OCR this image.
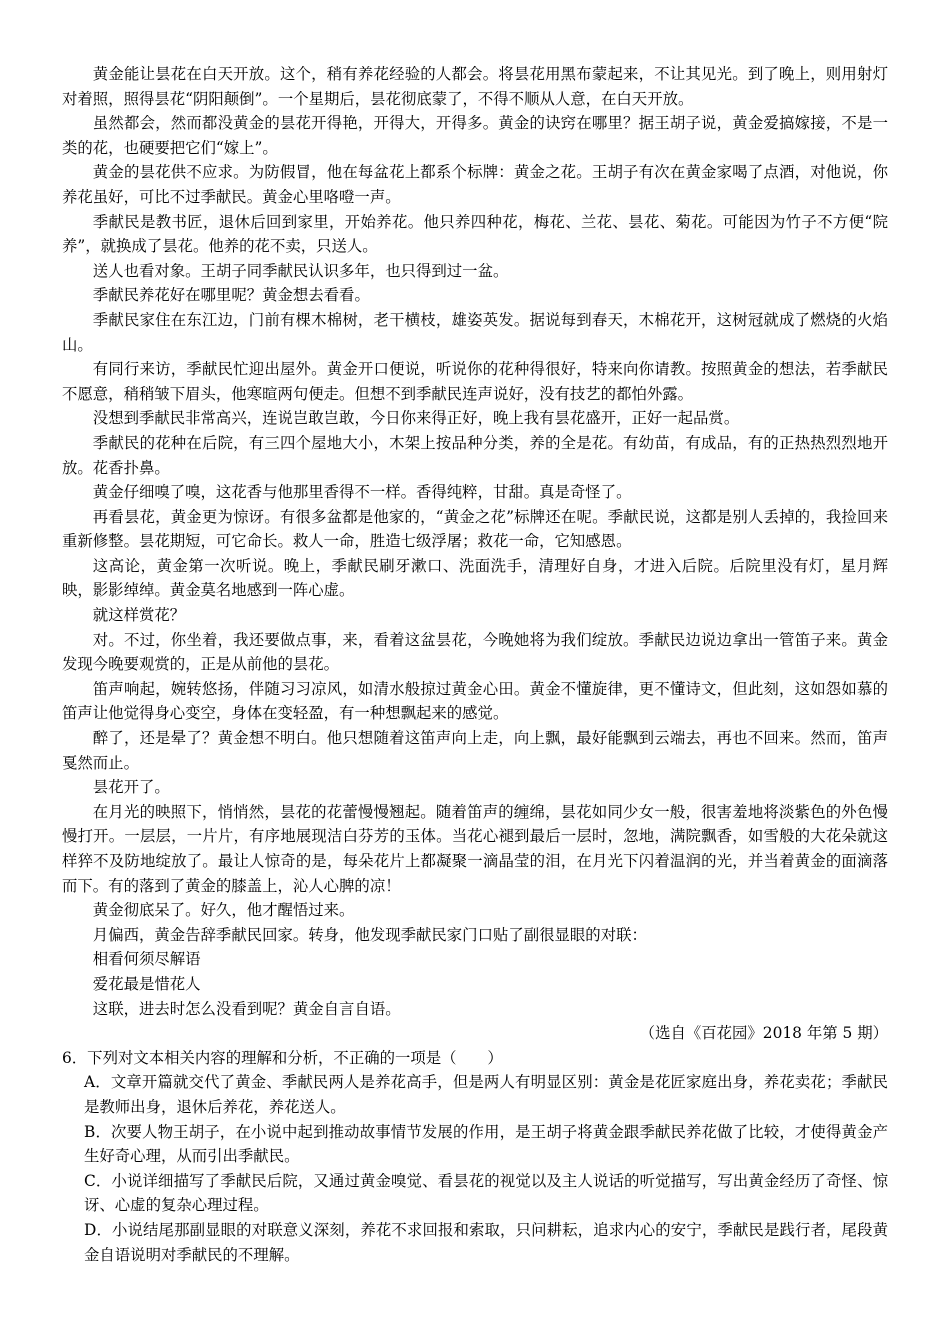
黄金能让昙花在白天开放。这个，稍有养花经验的人都会。将昙花用黑布蒙起来，不让其见光。到了晚上，则用射灯对着照，照得昙花“阴阳颠倒”。一个星期后，昙花彻底蒙了，不得不顺从人意，在白天开放。

虽然都会，然而都没黄金的昙花开得艳，开得大，开得多。黄金的诀窍在哪里？据王胡子说，黄金爱搞嫁接，不是一类的花，也硬要把它们“嫁上”。

黄金的昙花供不应求。为防假冒，他在每盆花上都系个标牌：黄金之花。王胡子有次在黄金家喝了点酒，对他说，你养花虽好，可比不过季献民。黄金心里咯噔一声。

季献民是教书匠，退休后回到家里，开始养花。他只养四种花，梅花、兰花、昙花、菊花。可能因为竹子不方便“院养”，就换成了昙花。他养的花不卖，只送人。

送人也看对象。王胡子同季献民认识多年，也只得到过一盆。

季献民养花好在哪里呢？黄金想去看看。

季献民家住在东江边，门前有棵木棉树，老干横枝，雄姿英发。据说每到春天，木棉花开，这树冠就成了燃烧的火焰山。

有同行来访，季献民忙迎出屋外。黄金开口便说，听说你的花种得很好，特来向你请教。按照黄金的想法，若季献民不愿意，稍稍皱下眉头，他寒暄两句便走。但想不到季献民连声说好，没有技艺的都怕外露。

没想到季献民非常高兴，连说岂敢岂敢，今日你来得正好，晚上我有昙花盛开，正好一起品赏。

季献民的花种在后院，有三四个屋地大小，木架上按品种分类，养的全是花。有幼苗，有成品，有的正热热烈烈地开放。花香扑鼻。

黄金仔细嗅了嗅，这花香与他那里香得不一样。香得纯粹，甘甜。真是奇怪了。

再看昙花，黄金更为惊讶。有很多盆都是他家的，“黄金之花”标牌还在呢。季献民说，这都是别人丢掉的，我捡回来重新修整。昙花期短，可它命长。救人一命，胜造七级浮屠；救花一命，它知感恩。

这高论，黄金第一次听说。晚上，季献民刷牙漱口、洗面洗手，清理好自身，才进入后院。后院里没有灯，星月辉映，影影绰绰。黄金莫名地感到一阵心虚。

就这样赏花？

对。不过，你坐着，我还要做点事，来，看着这盆昙花，今晚她将为我们绽放。季献民边说边拿出一管笛子来。黄金发现今晚要观赏的，正是从前他的昙花。

笛声响起，婉转悠扬，伴随习习凉风，如清水般掠过黄金心田。黄金不懂旋律，更不懂诗文，但此刻，这如怨如慕的笛声让他觉得身心变空，身体在变轻盈，有一种想飘起来的感觉。

醉了，还是晕了？黄金想不明白。他只想随着这笛声向上走，向上飘，最好能飘到云端去，再也不回来。然而，笛声戛然而止。

昙花开了。

在月光的映照下，悄悄然，昙花的花蕾慢慢翘起。随着笛声的缠绵，昙花如同少女一般，很害羞地将淡紫色的外色慢慢打开。一层层，一片片，有序地展现洁白芬芳的玉体。当花心褪到最后一层时，忽地，满院飘香，如雪般的大花朵就这样猝不及防地绽放了。最让人惊奇的是，每朵花片上都凝聚一滴晶莹的泪，在月光下闪着温润的光，并当着黄金的面滴落而下。有的落到了黄金的膝盖上，沁人心脾的凉！

黄金彻底呆了。好久，他才醒悟过来。

月偏西，黄金告辞季献民回家。转身，他发现季献民家门口贴了副很显眼的对联：

相看何须尽解语

爱花最是惜花人

这联，进去时怎么没看到呢？黄金自言自语。

（选自《百花园》2018 年第 5 期）

6．下列对文本相关内容的理解和分析，不正确的一项是（　　）

A．文章开篇就交代了黄金、季献民两人是养花高手，但是两人有明显区别：黄金是花匠家庭出身，养花卖花；季献民是教师出身，退休后养花，养花送人。

B．次要人物王胡子，在小说中起到推动故事情节发展的作用，是王胡子将黄金跟季献民养花做了比较，才使得黄金产生好奇心理，从而引出季献民。

C．小说详细描写了季献民后院，又通过黄金嗅觉、看昙花的视觉以及主人说话的听觉描写，写出黄金经历了奇怪、惊讶、心虚的复杂心理过程。

D．小说结尾那副显眼的对联意义深刻，养花不求回报和索取，只问耕耘，追求内心的安宁，季献民是践行者，尾段黄金自语说明对季献民的不理解。
